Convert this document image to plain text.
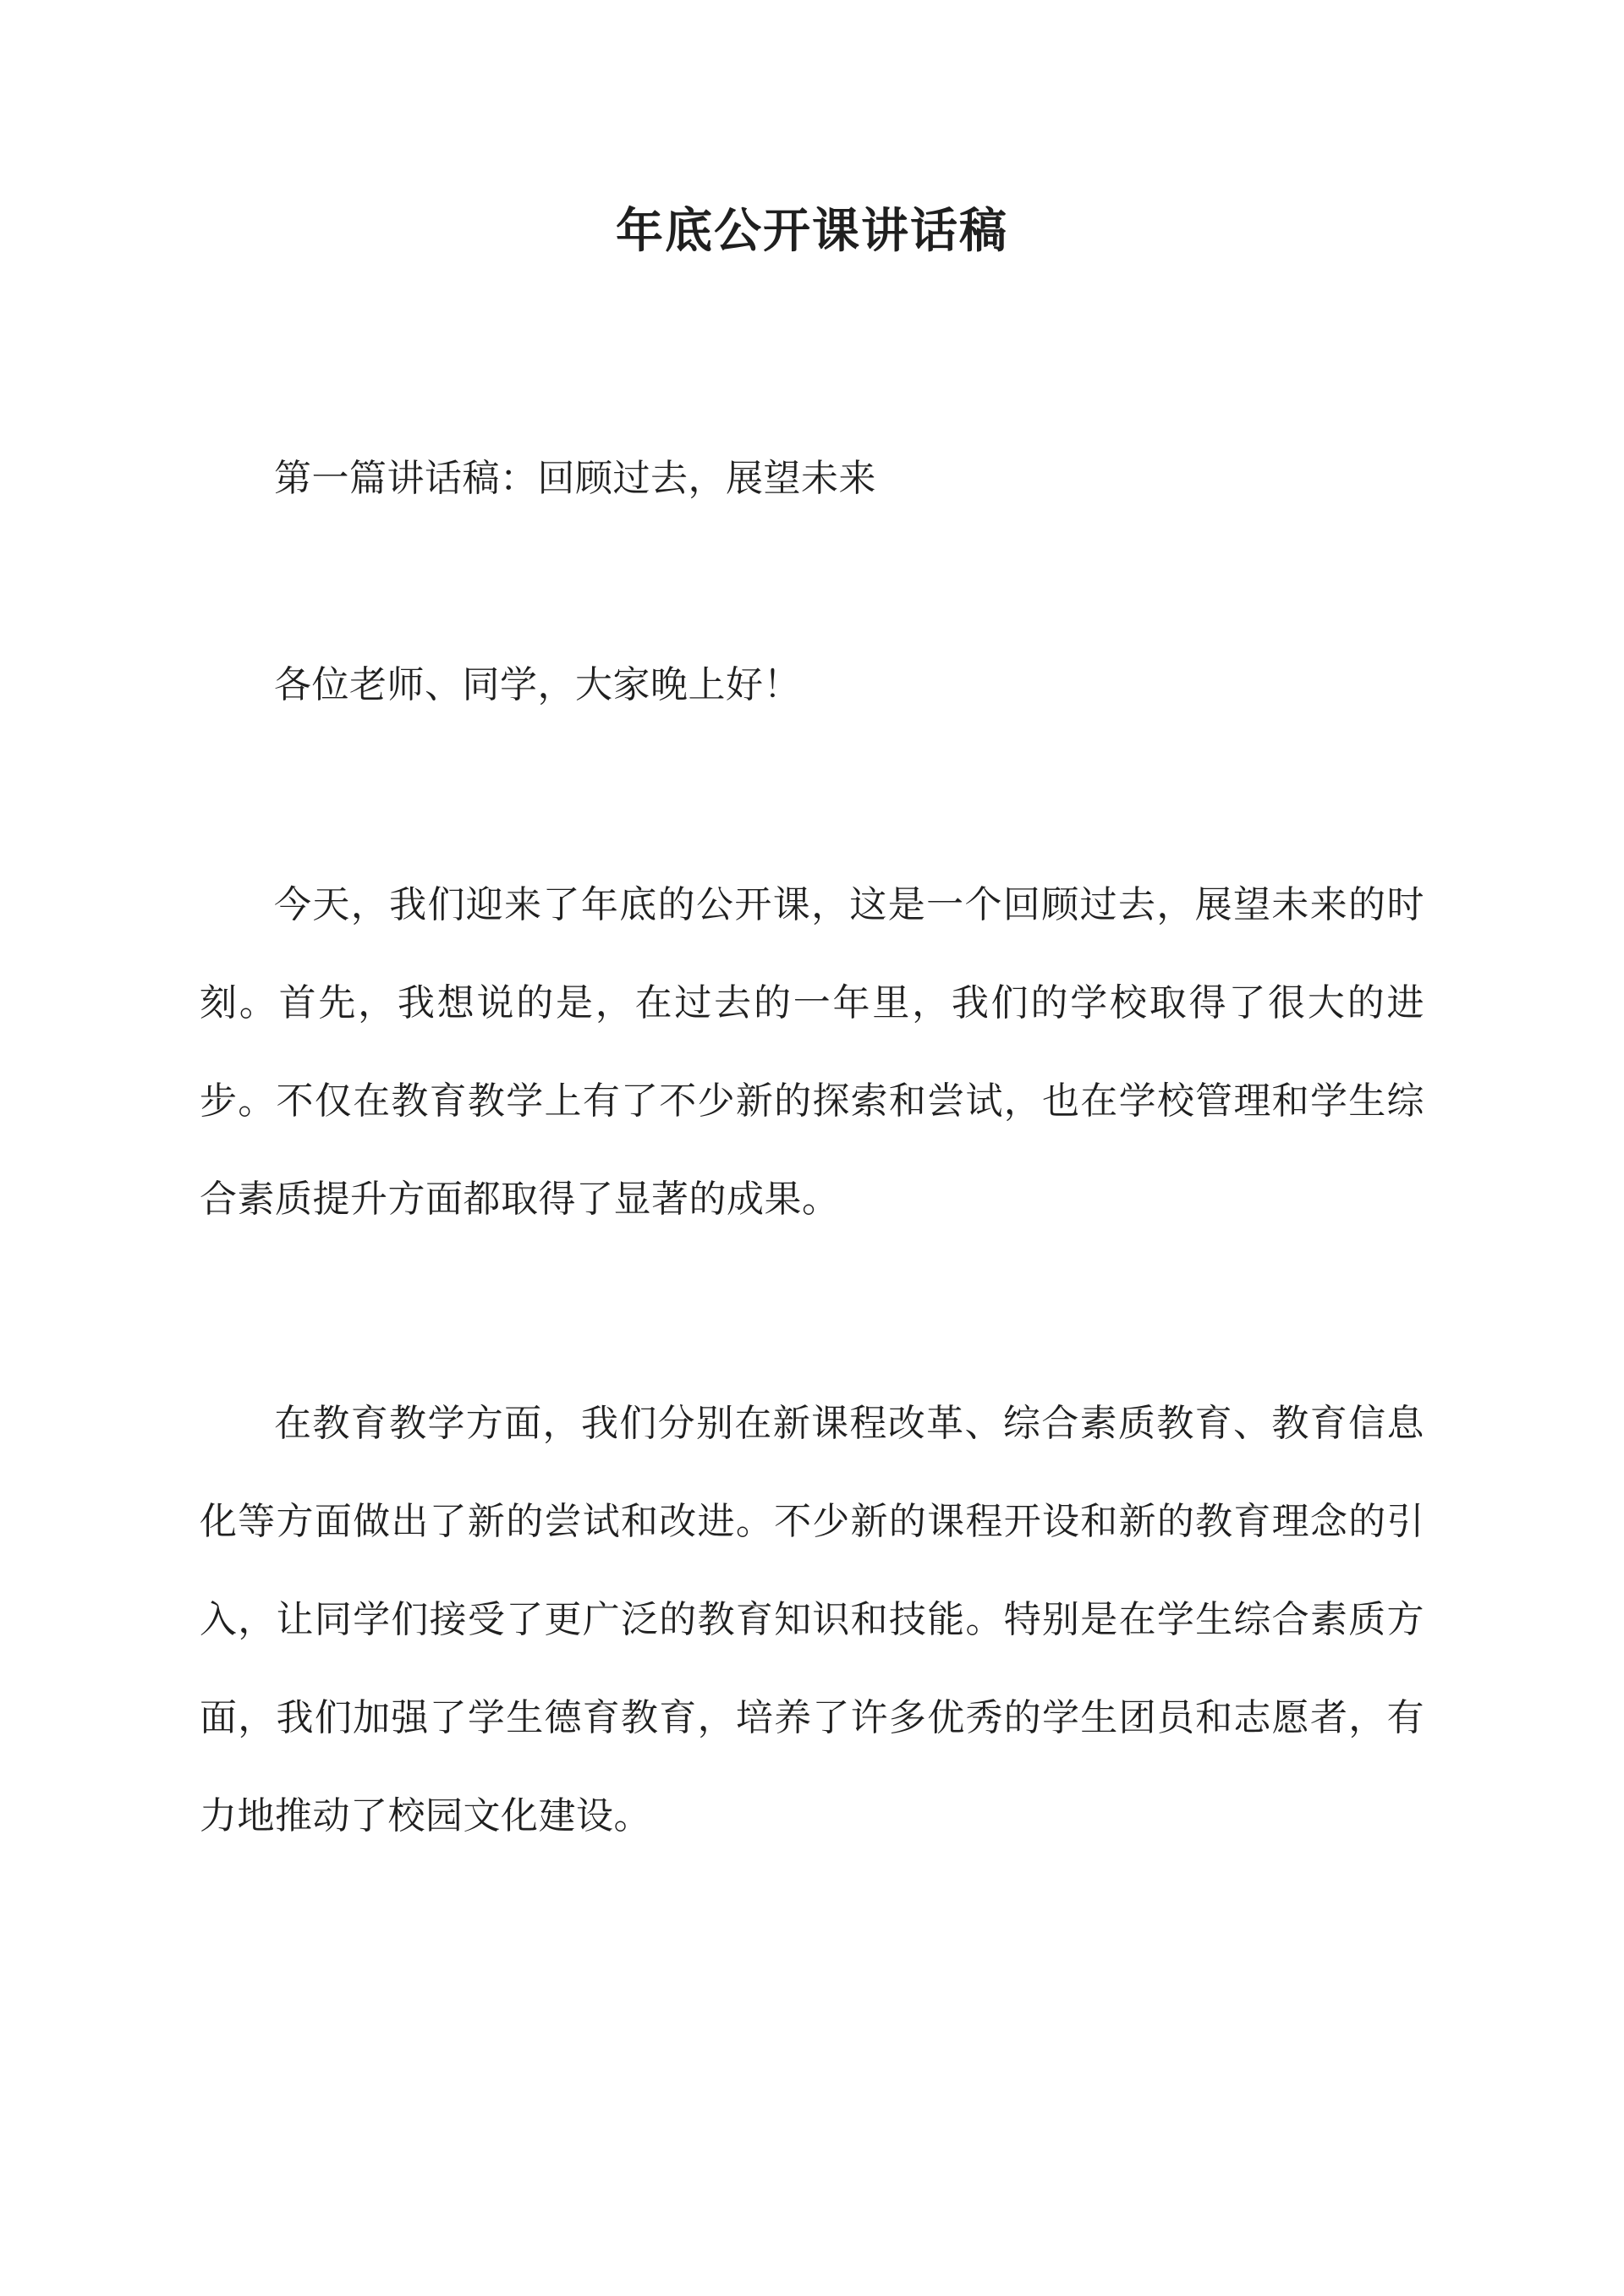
年底公开课讲话稿

第一篇讲话稿：回顾过去，展望未来

各位老师、同学，大家晚上好！

今天，我们迎来了年底的公开课，这是一个回顾过去，展望未来的时刻。首先，我想说的是，在过去的一年里，我们的学校取得了很大的进步。不仅在教育教学上有了不少新的探索和尝试，也在学校管理和学生综合素质提升方面都取得了显著的成果。

在教育教学方面，我们分别在新课程改革、综合素质教育、教育信息化等方面做出了新的尝试和改进。不少新的课程开设和新的教育理念的引入，让同学们接受了更广泛的教育知识和技能。特别是在学生综合素质方面，我们加强了学生德育教育，培养了许多优秀的学生团员和志愿者，有力地推动了校园文化建设。
